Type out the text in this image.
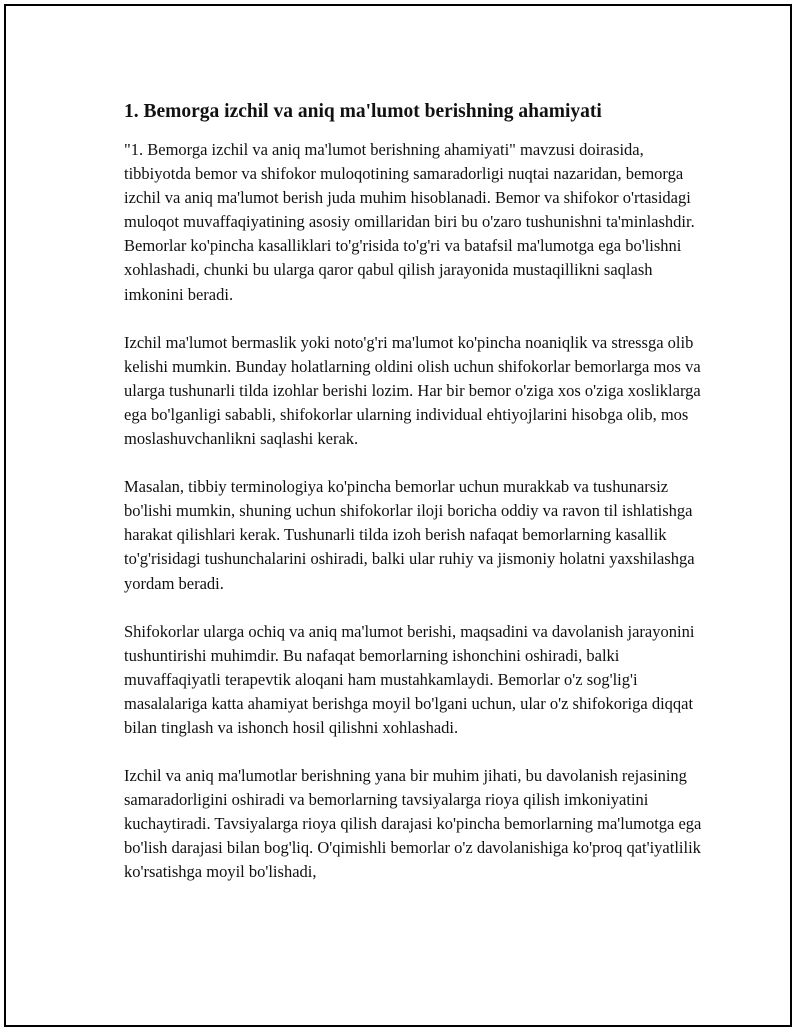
1. Bemorga izchil va aniq ma'lumot berishning ahamiyati

"1. Bemorga izchil va aniq ma'lumot berishning ahamiyati" mavzusi doirasida, tibbiyotda bemor va shifokor muloqotining samaradorligi nuqtai nazaridan, bemorga izchil va aniq ma'lumot berish juda muhim hisoblanadi. Bemor va shifokor o'rtasidagi muloqot muvaffaqiyatining asosiy omillaridan biri bu o'zaro tushunishni ta'minlashdir. Bemorlar ko'pincha kasalliklari to'g'risida to'g'ri va batafsil ma'lumotga ega bo'lishni xohlashadi, chunki bu ularga qaror qabul qilish jarayonida mustaqillikni saqlash imkonini beradi.

Izchil ma'lumot bermaslik yoki noto'g'ri ma'lumot ko'pincha noaniqlik va stressga olib kelishi mumkin. Bunday holatlarning oldini olish uchun shifokorlar bemorlarga mos va ularga tushunarli tilda izohlar berishi lozim. Har bir bemor o'ziga xos o'ziga xosliklarga ega bo'lganligi sababli, shifokorlar ularning individual ehtiyojlarini hisobga olib, mos moslashuvchanlikni saqlashi kerak.

Masalan, tibbiy terminologiya ko'pincha bemorlar uchun murakkab va tushunarsiz bo'lishi mumkin, shuning uchun shifokorlar iloji boricha oddiy va ravon til ishlatishga harakat qilishlari kerak. Tushunarli tilda izoh berish nafaqat bemorlarning kasallik to'g'risidagi tushunchalarini oshiradi, balki ular ruhiy va jismoniy holatni yaxshilashga yordam beradi.

Shifokorlar ularga ochiq va aniq ma'lumot berishi, maqsadini va davolanish jarayonini tushuntirishi muhimdir. Bu nafaqat bemorlarning ishonchini oshiradi, balki muvaffaqiyatli terapevtik aloqani ham mustahkamlaydi. Bemorlar o'z sog'lig'i masalalariga katta ahamiyat berishga moyil bo'lgani uchun, ular o'z shifokoriga diqqat bilan tinglash va ishonch hosil qilishni xohlashadi.

Izchil va aniq ma'lumotlar berishning yana bir muhim jihati, bu davolanish rejasining samaradorligini oshiradi va bemorlarning tavsiyalarga rioya qilish imkoniyatini kuchaytiradi. Tavsiyalarga rioya qilish darajasi ko'pincha bemorlarning ma'lumotga ega bo'lish darajasi bilan bog'liq. O'qimishli bemorlar o'z davolanishiga ko'proq qat'iyatlilik ko'rsatishga moyil bo'lishadi,
